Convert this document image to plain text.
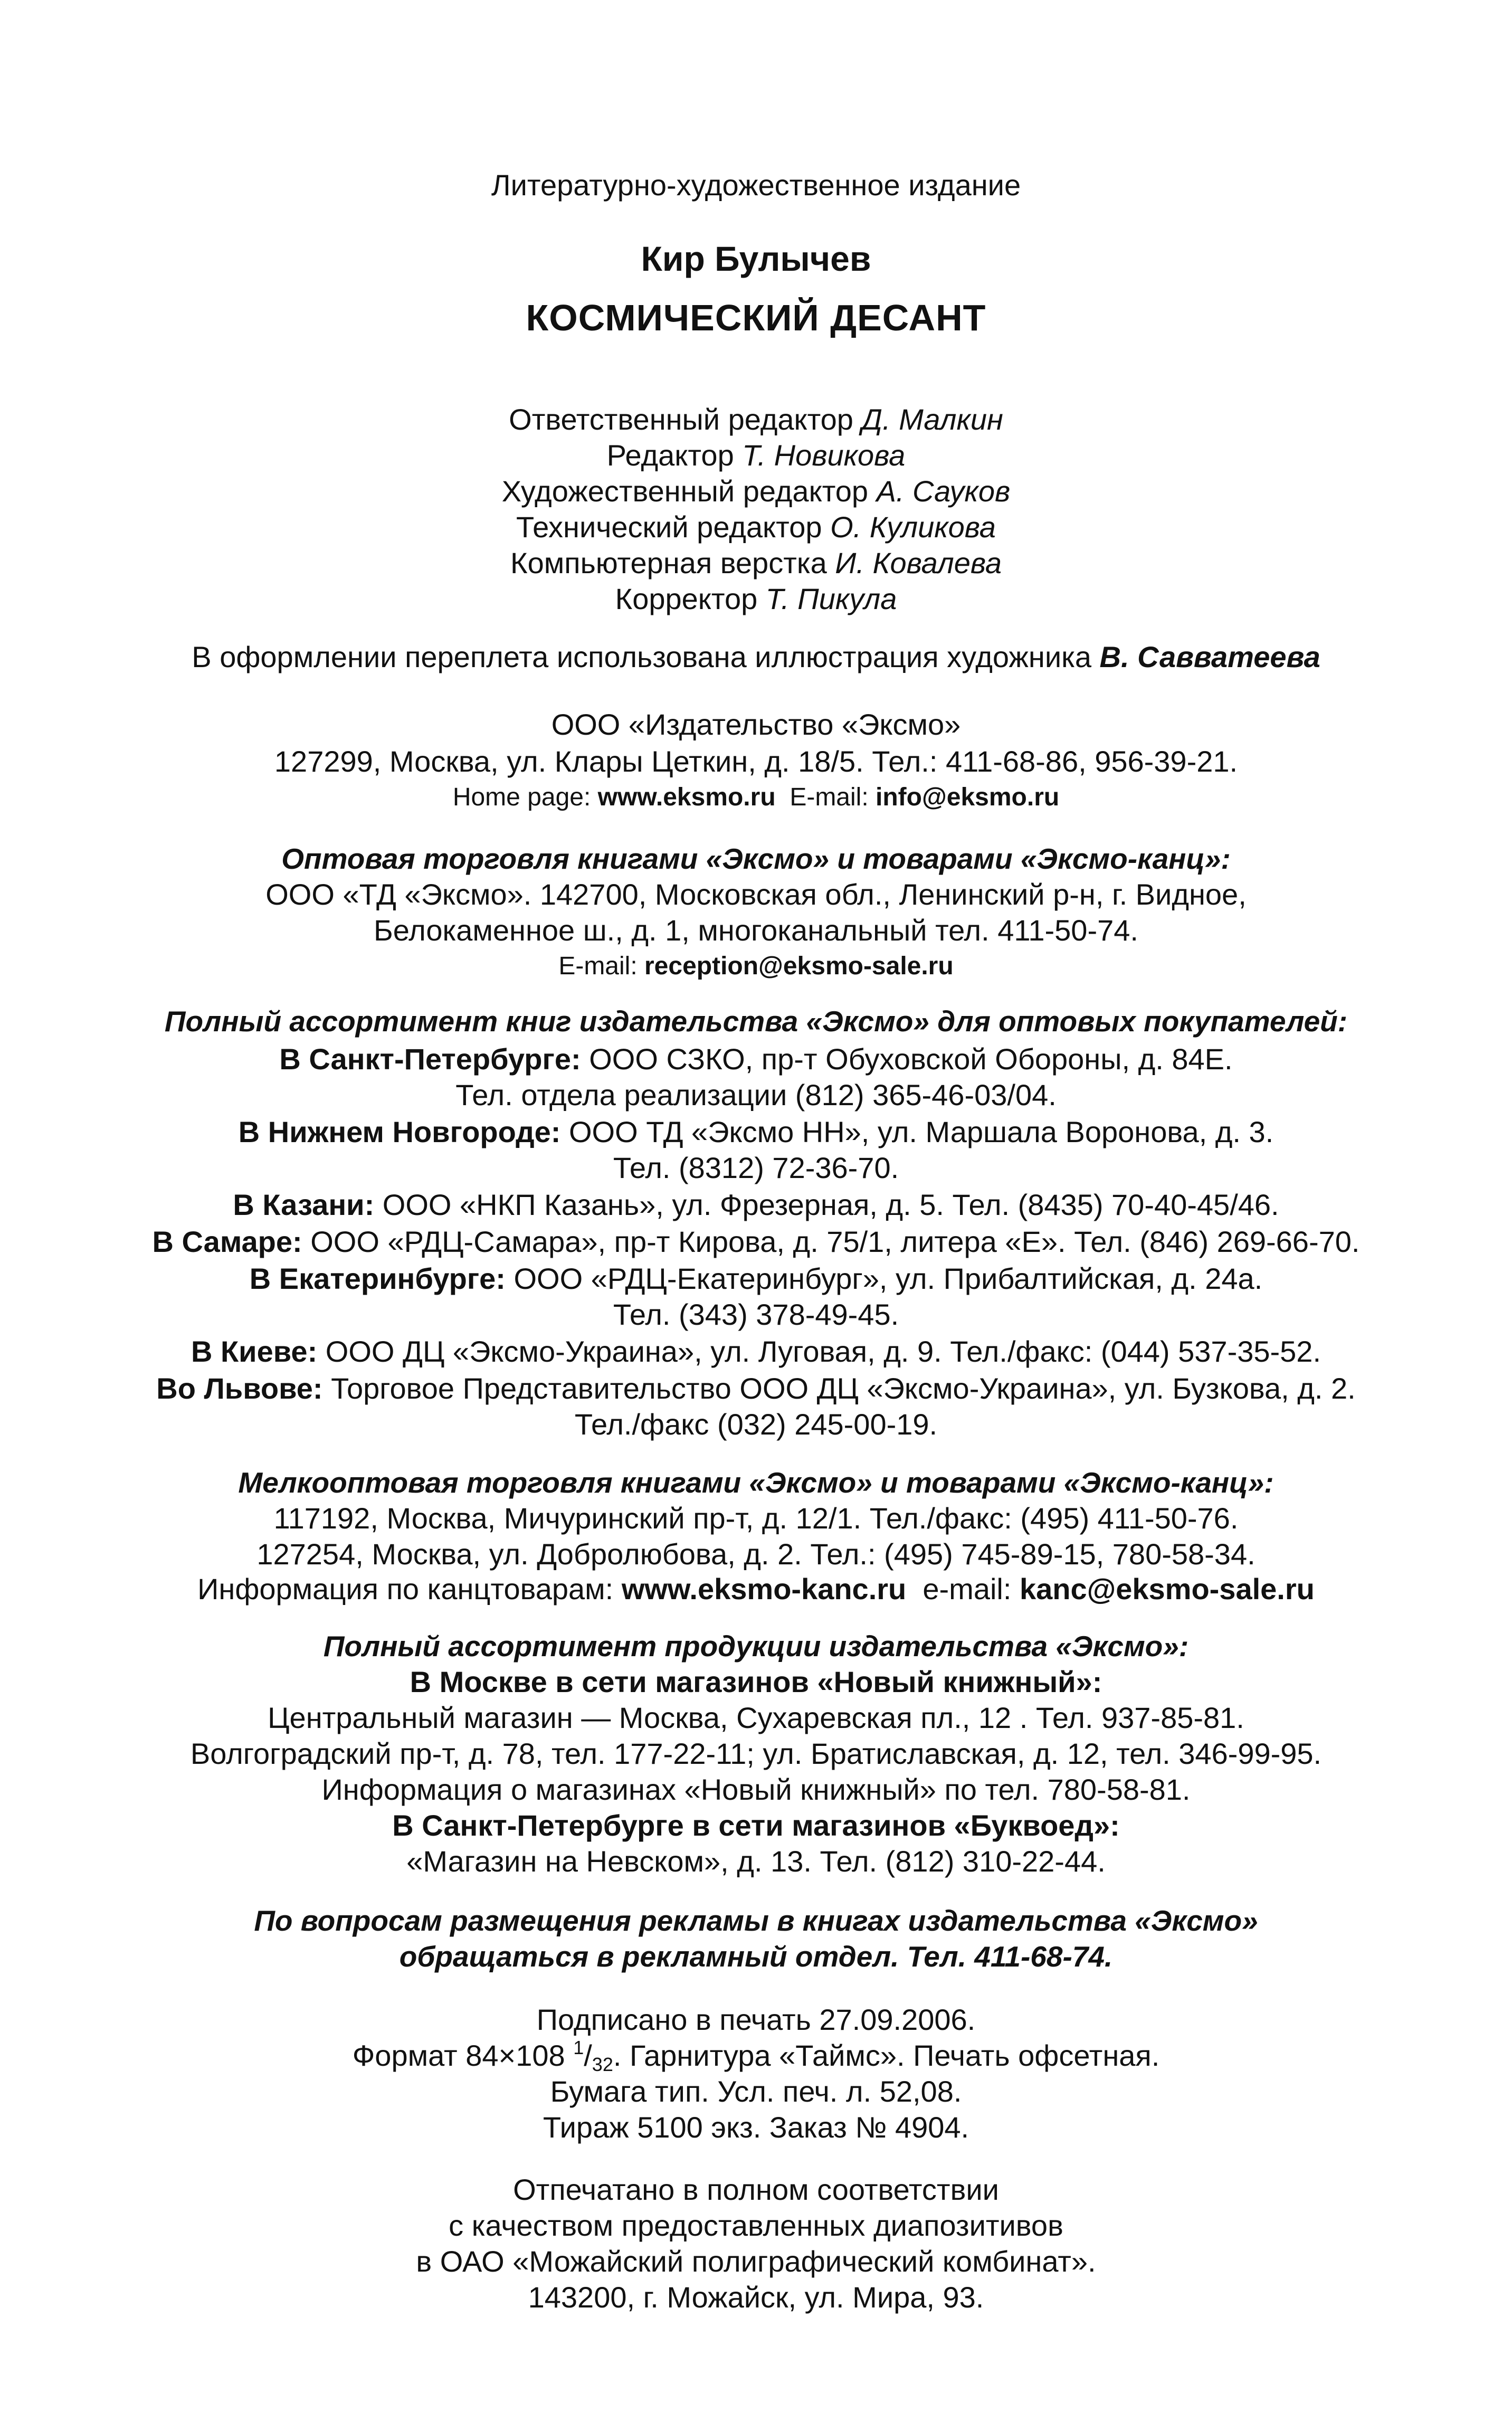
Литературно-художественное издание
Кир Булычев
КОСМИЧЕСКИЙ ДЕСАНТ
Ответственный редактор Д. Малкин
Редактор Т. Новикова
Художественный редактор А. Сауков
Технический редактор О. Куликова
Компьютерная верстка И. Ковалева
Корректор Т. Пикула
В оформлении переплета использована иллюстрация художника В. Савватеева
ООО «Издательство «Эксмо»
127299, Москва, ул. Клары Цеткин, д. 18/5. Тел.: 411-68-86, 956-39-21.
Home page: www.eksmo.ru E-mail: info@eksmo.ru
Оптовая торговля книгами «Эксмо» и товарами «Эксмо-канц»:
ООО «ТД «Эксмо». 142700, Московская обл., Ленинский р-н, г. Видное,
Белокаменное ш., д. 1, многоканальный тел. 411-50-74.
E-mail: reception@eksmo-sale.ru
Полный ассортимент книг издательства «Эксмо» для оптовых покупателей:
В Санкт-Петербурге: ООО СЗКО, пр-т Обуховской Обороны, д. 84Е.
Тел. отдела реализации (812) 365-46-03/04.
В Нижнем Новгороде: ООО ТД «Эксмо НН», ул. Маршала Воронова, д. 3.
Тел. (8312) 72-36-70.
В Казани: ООО «НКП Казань», ул. Фрезерная, д. 5. Тел. (8435) 70-40-45/46.
В Самаре: ООО «РДЦ-Самара», пр-т Кирова, д. 75/1, литера «Е». Тел. (846) 269-66-70.
В Екатеринбурге: ООО «РДЦ-Екатеринбург», ул. Прибалтийская, д. 24а.
Тел. (343) 378-49-45.
В Киеве: ООО ДЦ «Эксмо-Украина», ул. Луговая, д. 9. Тел./факс: (044) 537-35-52.
Во Львове: Торговое Представительство ООО ДЦ «Эксмо-Украина», ул. Бузкова, д. 2.
Тел./факс (032) 245-00-19.
Мелкооптовая торговля книгами «Эксмо» и товарами «Эксмо-канц»:
117192, Москва, Мичуринский пр-т, д. 12/1. Тел./факс: (495) 411-50-76.
127254, Москва, ул. Добролюбова, д. 2. Тел.: (495) 745-89-15, 780-58-34.
Информация по канцтоварам: www.eksmo-kanc.ru e-mail: kanc@eksmo-sale.ru
Полный ассортимент продукции издательства «Эксмо»:
В Москве в сети магазинов «Новый книжный»:
Центральный магазин — Москва, Сухаревская пл., 12 . Тел. 937-85-81.
Волгоградский пр-т, д. 78, тел. 177-22-11; ул. Братиславская, д. 12, тел. 346-99-95.
Информация о магазинах «Новый книжный» по тел. 780-58-81.
В Санкт-Петербурге в сети магазинов «Буквоед»:
«Магазин на Невском», д. 13. Тел. (812) 310-22-44.
По вопросам размещения рекламы в книгах издательства «Эксмо»
обращаться в рекламный отдел. Тел. 411-68-74.
Подписано в печать 27.09.2006.
Формат 84×108 $^1$/32. Гарнитура «Таймс». Печать офсетная.
Бумага тип. Усл. печ. л. 52,08.
Тираж 5100 экз. Заказ № 4904.
Отпечатано в полном соответствии
с качеством предоставленных диапозитивов
в ОАО «Можайский полиграфический комбинат».
143200, г. Можайск, ул. Мира, 93.
